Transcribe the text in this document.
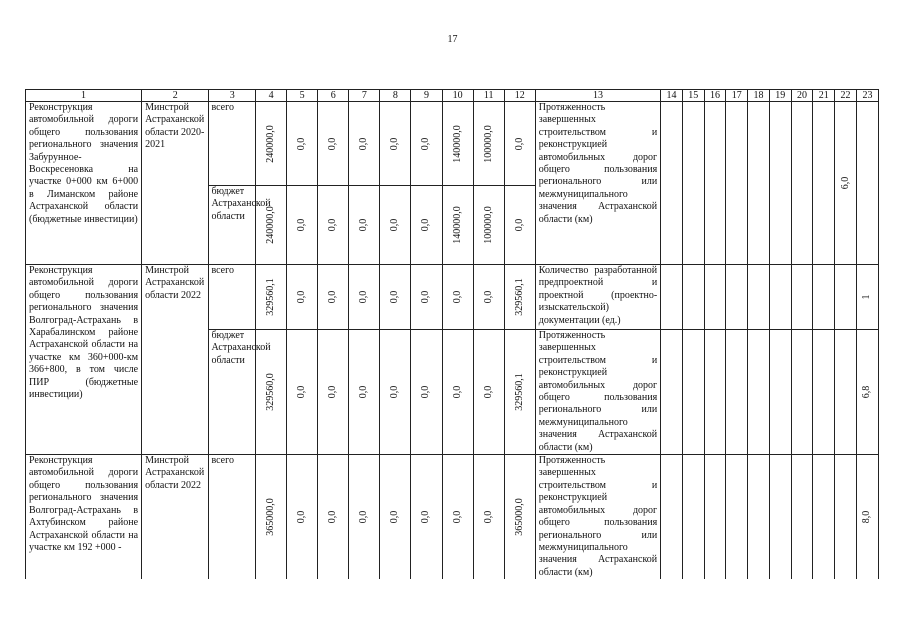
17
1	2	3	4	5	6	7	8	9	10	11	12	13	14	15	16	17	18	19	20	21	22	23
Реконструкция автомобильной дороги общего пользования регионального значения Забурунное-Воскресеновка на участке 0+000 км 6+000 в Лиманском районе Астраханской области (бюджетные инвестиции)	Минстрой Астраханской области 2020-2021	всего	240000,0	0,0	0,0	0,0	0,0	0,0	140000,0	100000,0	0,0	Протяженность завершенных строительством и реконструкцией автомобильных дорог общего пользования регионального или межмуниципального значения Астраханской области (км)									6,0	

		бюджет Астраханской области	240000,0	0,0	0,0	0,0	0,0	0,0	140000,0	100000,0	0,0											

Реконструкция автомобильной дороги общего пользования регионального значения Волгоград-Астрахань в Харабалинском районе Астраханской области на участке км 360+000-км 366+800, в том числе ПИР (бюджетные инвестиции)	Минстрой Астраханской области 2022	всего	329560,1	0,0	0,0	0,0	0,0	0,0	0,0	0,0	329560,1	Количество разработанной предпроектной и проектной (проектно-изыскательской) документации (ед.)										1

		бюджет Астраханской области	329560,0	0,0	0,0	0,0	0,0	0,0	0,0	0,0	329560,1	Протяженность завершенных строительством и реконструкцией автомобильных дорог общего пользования регионального или межмуниципального значения Астраханской области (км)										6,8

Реконструкция автомобильной дороги общего пользования регионального значения Волгоград-Астрахань в Ахтубинском районе Астраханской области на участке км 192 +000 -	Минстрой Астраханской области 2022	всего	365000,0	0,0	0,0	0,0	0,0	0,0	0,0	0,0	365000,0	Протяженность завершенных строительством и реконструкцией автомобильных дорог общего пользования регионального или межмуниципального значения Астраханской области (км)										8,0
